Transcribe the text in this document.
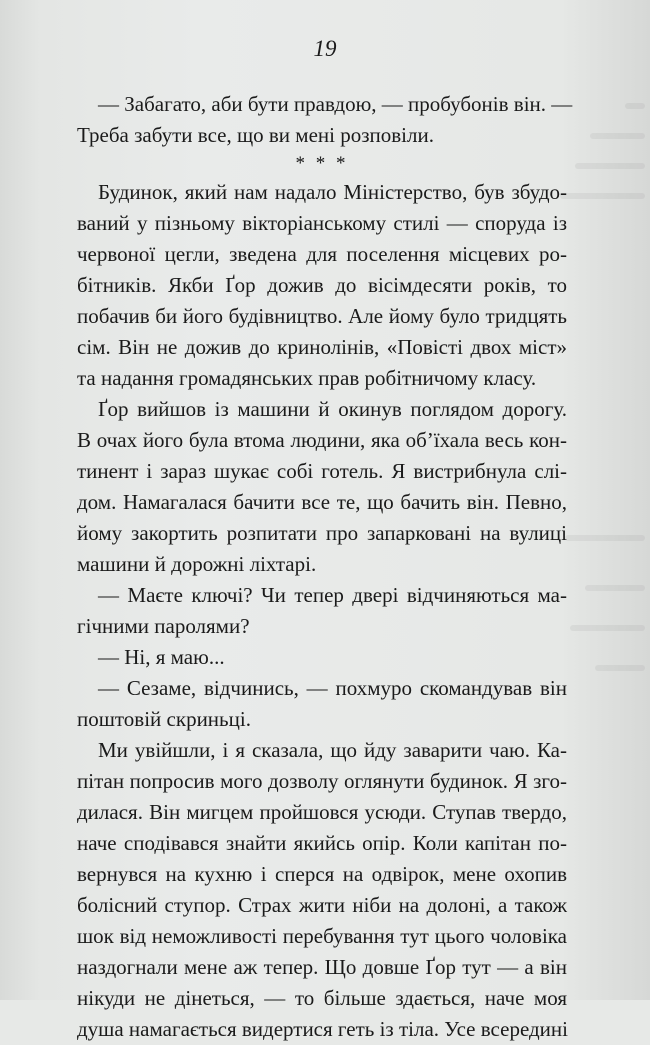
19
— Забагато, аби бути правдою, — пробубонів він. —
Треба забути все, що ви мені розповіли.
* * *
Будинок, який нам надало Міністерство, був збудо-
ваний у пізньому вікторіанському стилі — споруда із
червоної цегли, зведена для поселення місцевих ро-
бітників. Якби Ґор дожив до вісімдесяти років, то
побачив би його будівництво. Але йому було тридцять
сім. Він не дожив до кринолінів, «Повісті двох міст»
та надання громадянських прав робітничому класу.
Ґор вийшов із машини й окинув поглядом дорогу.
В очах його була втома людини, яка об’їхала весь кон-
тинент і зараз шукає собі готель. Я вистрибнула слі-
дом. Намагалася бачити все те, що бачить він. Певно,
йому закортить розпитати про запарковані на вулиці
машини й дорожні ліхтарі.
— Маєте ключі? Чи тепер двері відчиняються ма-
гічними паролями?
— Ні, я маю...
— Сезаме, відчинись, — похмуро скомандував він
поштовій скриньці.
Ми увійшли, і я сказала, що йду заварити чаю. Ка-
пітан попросив мого дозволу оглянути будинок. Я зго-
дилася. Він мигцем пройшовся усюди. Ступав твердо,
наче сподівався знайти якийсь опір. Коли капітан по-
вернувся на кухню і сперся на одвірок, мене охопив
болісний ступор. Страх жити ніби на долоні, а також
шок від неможливості перебування тут цього чоловіка
наздогнали мене аж тепер. Що довше Ґор тут — а він
нікуди не дінеться, — то більше здається, наче моя
душа намагається видертися геть із тіла. Усе всередині
